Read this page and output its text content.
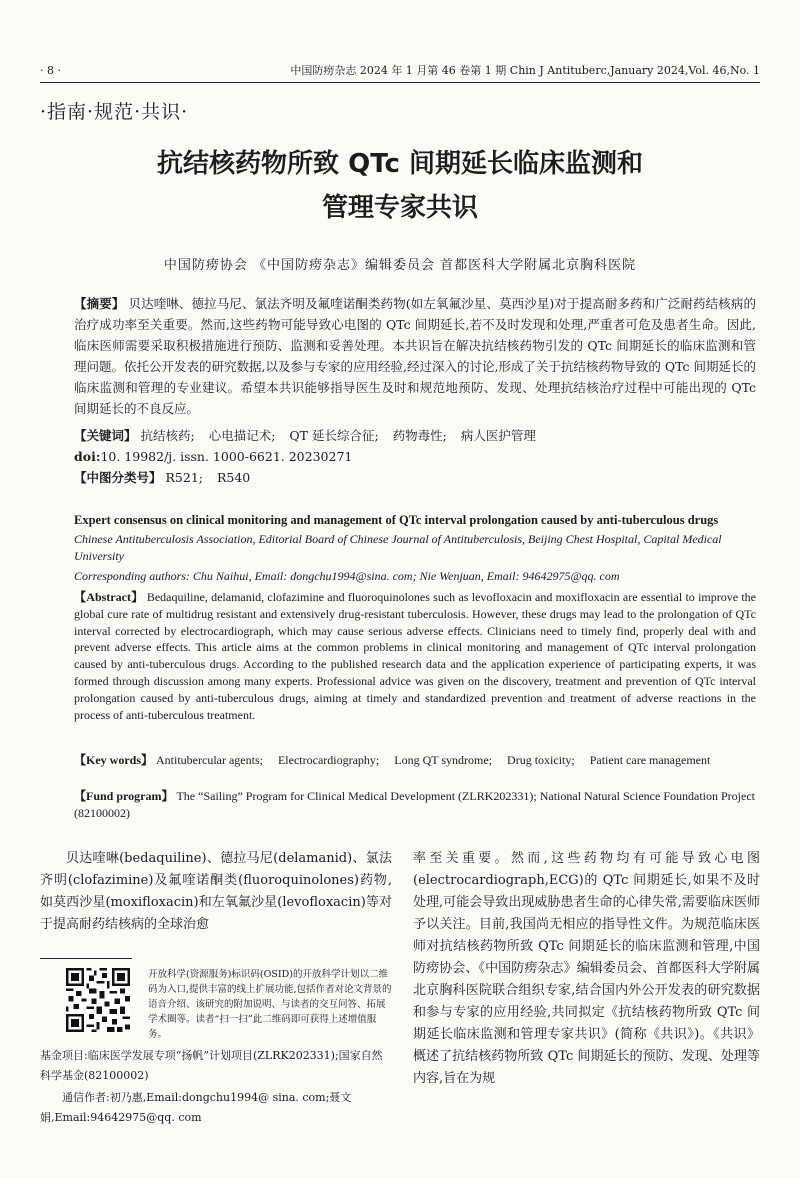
· 8 ·	中国防痨杂志 2024 年 1 月第 46 卷第 1 期 Chin J Antituberc,January 2024,Vol. 46,No. 1
·指南·规范·共识·
抗结核药物所致 QTc 间期延长临床监测和
管理专家共识
中国防痨协会 《中国防痨杂志》编辑委员会 首都医科大学附属北京胸科医院
【摘要】 贝达喹啉、德拉马尼、氯法齐明及氟喹诺酮类药物(如左氧氟沙星、莫西沙星)对于提高耐多药和广泛耐药结核病的治疗成功率至关重要。然而,这些药物可能导致心电图的 QTc 间期延长,若不及时发现和处理,严重者可危及患者生命。因此,临床医师需要采取积极措施进行预防、监测和妥善处理。本共识旨在解决抗结核药物引发的 QTc 间期延长的临床监测和管理问题。依托公开发表的研究数据,以及参与专家的应用经验,经过深入的讨论,形成了关于抗结核药物导致的 QTc 间期延长的临床监测和管理的专业建议。希望本共识能够指导医生及时和规范地预防、发现、处理抗结核治疗过程中可能出现的 QTc 间期延长的不良反应。
【关键词】 抗结核药; 心电描记术; QT 延长综合征; 药物毒性; 病人医护管理
doi:10. 19982/j. issn. 1000-6621. 20230271
【中图分类号】 R521; R540
Expert consensus on clinical monitoring and management of QTc interval prolongation caused by anti-tuberculous drugs
Chinese Antituberculosis Association, Editorial Board of Chinese Journal of Antituberculosis, Beijing Chest Hospital, Capital Medical University
Corresponding authors: Chu Naihui, Email: dongchu1994@sina. com; Nie Wenjuan, Email: 94642975@qq. com
【Abstract】 Bedaquiline, delamanid, clofazimine and fluoroquinolones such as levofloxacin and moxifloxacin are essential to improve the global cure rate of multidrug resistant and extensively drug-resistant tuberculosis. However, these drugs may lead to the prolongation of QTc interval corrected by electrocardiograph, which may cause serious adverse effects. Clinicians need to timely find, properly deal with and prevent adverse effects. This article aims at the common problems in clinical monitoring and management of QTc interval prolongation caused by anti-tuberculous drugs. According to the published research data and the application experience of participating experts, it was formed through discussion among many experts. Professional advice was given on the discovery, treatment and prevention of QTc interval prolongation caused by anti-tuberculous drugs, aiming at timely and standardized prevention and treatment of adverse reactions in the process of anti-tuberculous treatment.
【Key words】 Antitubercular agents; Electrocardiography; Long QT syndrome; Drug toxicity; Patient care management
【Fund program】 The “Sailing” Program for Clinical Medical Development (ZLRK202331); National Natural Science Foundation Project (82100002)
贝达喹啉(bedaquiline)、德拉马尼(delamanid)、氯法齐明(clofazimine)及氟喹诺酮类(fluoroquinolones)药物,如莫西沙星(moxifloxacin)和左氧氟沙星(levofloxacin)等对于提高耐药结核病的全球治愈
率至关重要。然而,这些药物均有可能导致心电图(electrocardiograph,ECG)的 QTc 间期延长,如果不及时处理,可能会导致出现威胁患者生命的心律失常,需要临床医师予以关注。目前,我国尚无相应的指导性文件。为规范临床医师对抗结核药物所致 QTc 间期延长的临床监测和管理,中国防痨协会、《中国防痨杂志》编辑委员会、首都医科大学附属北京胸科医院联合组织专家,结合国内外公开发表的研究数据和参与专家的应用经验,共同拟定《抗结核药物所致 QTc 间期延长临床监测和管理专家共识》(简称《共识》)。《共识》概述了抗结核药物所致 QTc 间期延长的预防、发现、处理等内容,旨在为规
开放科学(资源服务)标识码(OSID)的开放科学计划以二维码为入口,提供丰富的线上扩展功能,包括作者对论文背景的语音介绍、该研究的附加说明、与读者的交互问答、拓展学术圈等。读者“扫一扫”此二维码即可获得上述增值服务。
基金项目:临床医学发展专项“扬帆”计划项目(ZLRK202331);国家自然科学基金(82100002)
通信作者:初乃惠,Email:dongchu1994@ sina. com;聂文娟,Email:94642975@qq. com
